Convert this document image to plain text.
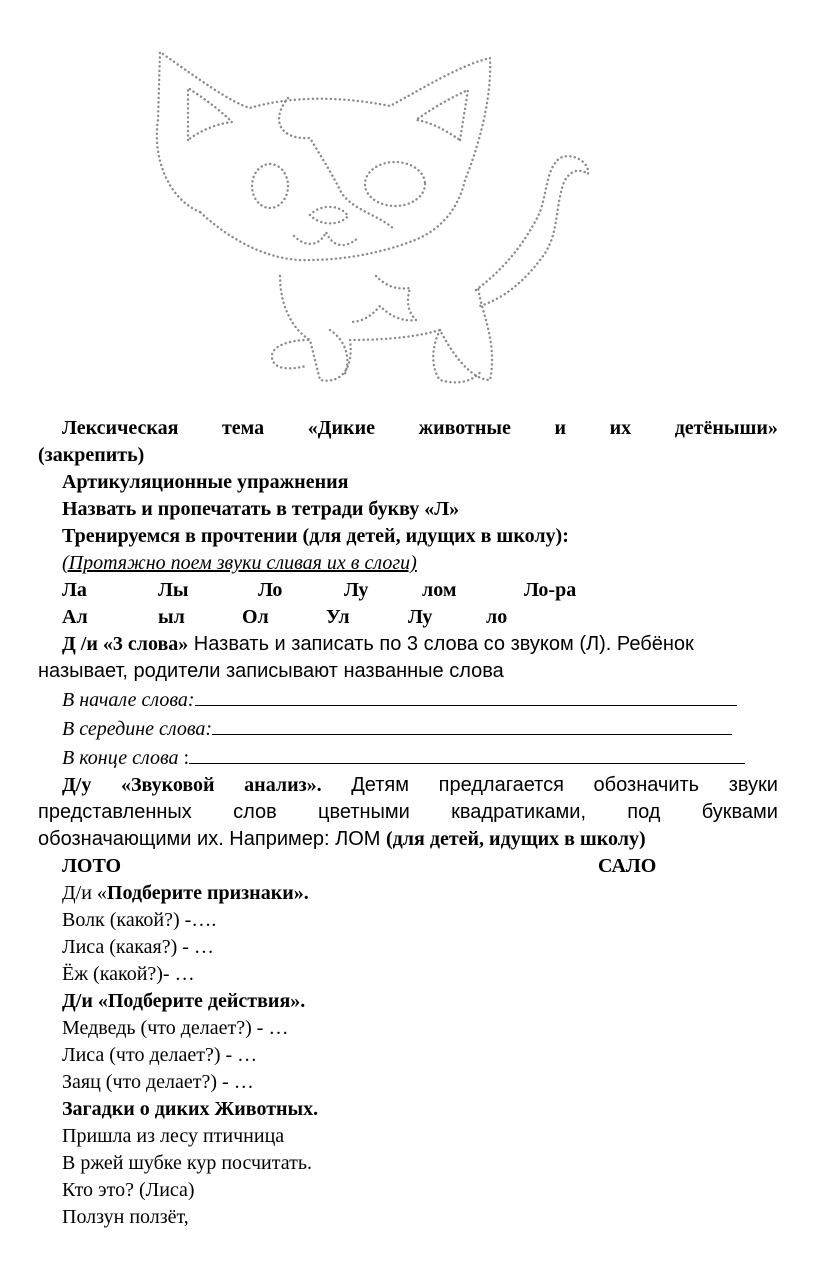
Лексическая тема «Дикие животные и их детёныши»
(закрепить)
Артикуляционные упражнения
Назвать и пропечатать в тетради букву «Л»
Тренируемся в прочтении (для детей, идущих в школу):
(Протяжно поем звуки сливая их в слоги)
Ла	Лы	Ло	Лу	лом	Ло-ра
Ал	ыл	Ол	Ул	Лу	ло
Д /и «3 слова» Назвать и записать по 3 слова со звуком (Л). Ребёнок
называет, родители записывают названные слова
В начале слова:
В середине слова:
В конце слова :
Д/у «Звуковой анализ». Детям предлагается обозначить звуки
представленных слов цветными квадратиками, под буквами
обозначающими их. Например: ЛОМ (для детей, идущих в школу)
ЛОТО	САЛО
Д/и «Подберите признаки».
Волк (какой?) -….
Лиса (какая?) - …
Ёж (какой?)- …
Д/и «Подберите действия».
Медведь (что делает?) - …
Лиса (что делает?) - …
Заяц (что делает?) - …
Загадки о диких Животных.
Пришла из лесу птичница
В ржей шубке кур посчитать.
Кто это? (Лиса)
Ползун ползёт,
